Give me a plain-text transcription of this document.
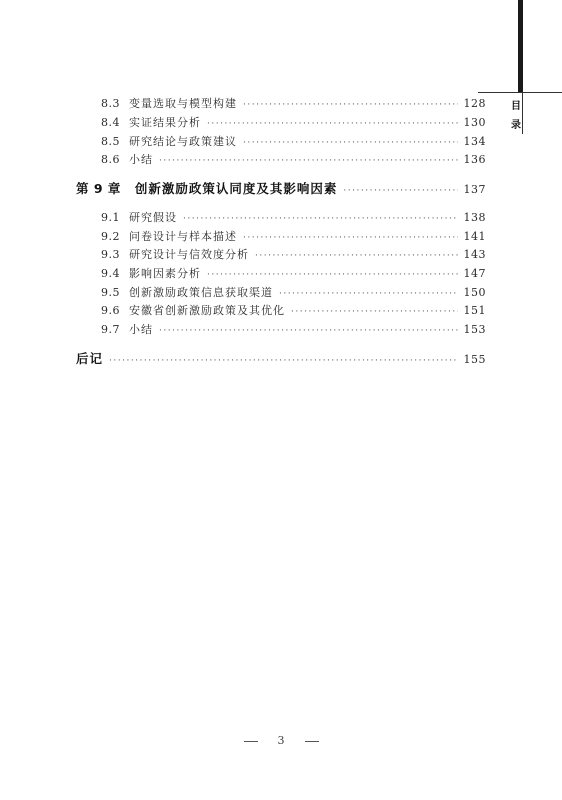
目
录
8.3 变量选取与模型构建 ·····	128
8.4 实证结果分析 ·····	130
8.5 研究结论与政策建议 ·····	134
8.6 小结 ·····	136
第 9 章 创新激励政策认同度及其影响因素 ·····	137
9.1 研究假设 ·····	138
9.2 问卷设计与样本描述 ·····	141
9.3 研究设计与信效度分析 ·····	143
9.4 影响因素分析 ·····	147
9.5 创新激励政策信息获取渠道 ·····	150
9.6 安徽省创新激励政策及其优化 ·····	151
9.7 小结 ·····	153
后记 ·····	155
3
